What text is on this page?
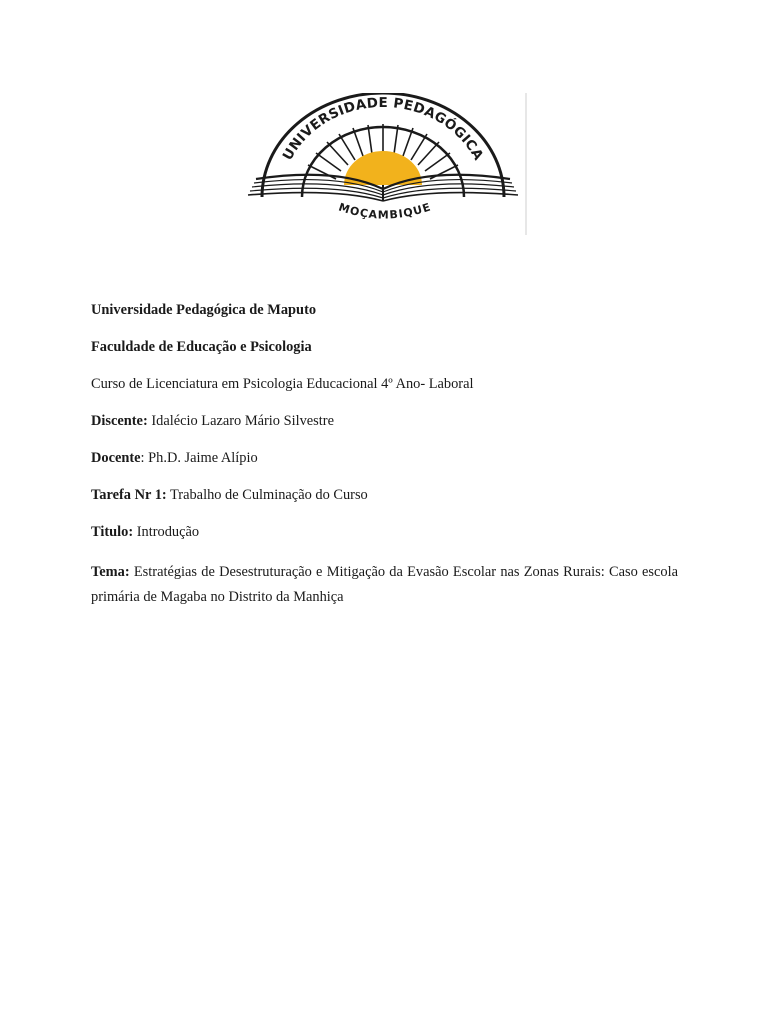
UNIVERSIDADE PEDAGÓGICA
MOÇAMBIQUE
Universidade Pedagógica de Maputo
Faculdade de Educação e Psicologia
Curso de Licenciatura em Psicologia Educacional 4º Ano- Laboral
Discente: Idalécio Lazaro Mário Silvestre
Docente: Ph.D. Jaime Alípio
Tarefa Nr 1: Trabalho de Culminação do Curso
Titulo: Introdução
Tema: Estratégias de Desestruturação e Mitigação da Evasão Escolar nas Zonas Rurais: Caso escola primária de Magaba no Distrito da Manhiça
